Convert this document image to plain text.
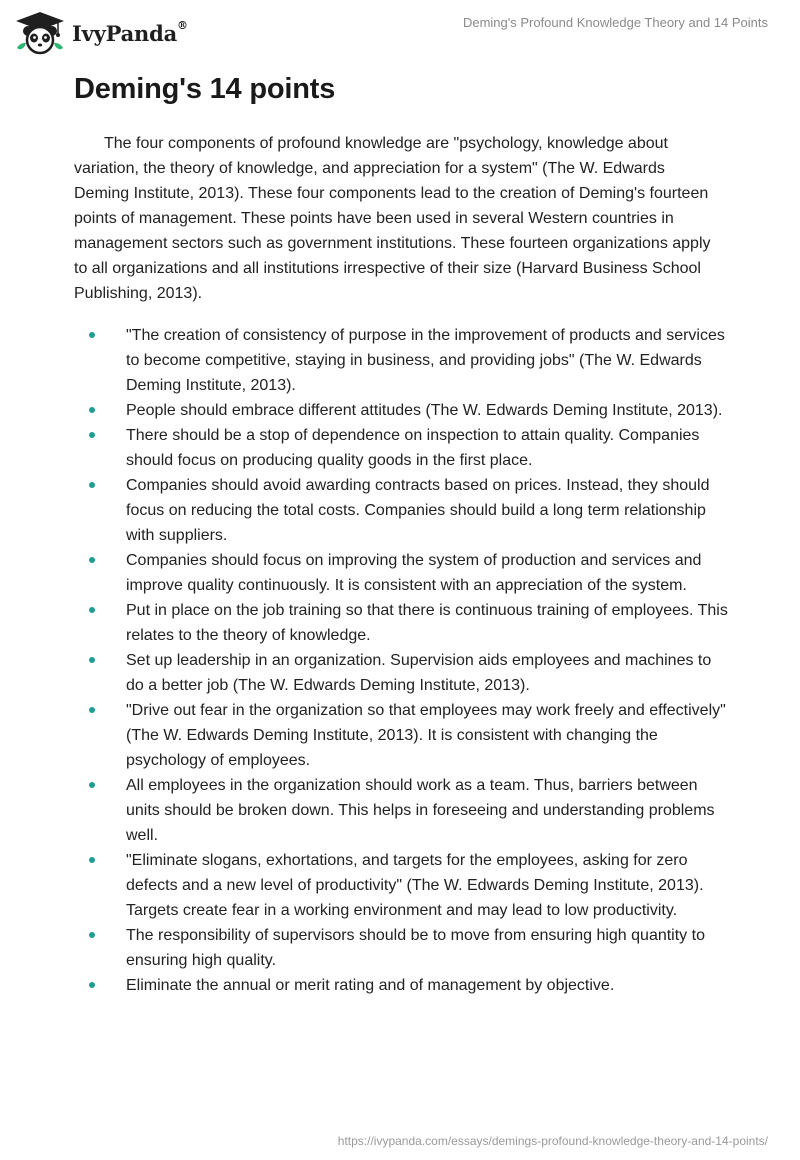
IvyPanda®	Deming's Profound Knowledge Theory and 14 Points
Deming's 14 points

The four components of profound knowledge are "psychology, knowledge about variation, the theory of knowledge, and appreciation for a system" (The W. Edwards Deming Institute, 2013). These four components lead to the creation of Deming's fourteen points of management. These points have been used in several Western countries in management sectors such as government institutions. These fourteen organizations apply to all organizations and all institutions irrespective of their size (Harvard Business School Publishing, 2013).

"The creation of consistency of purpose in the improvement of products and services to become competitive, staying in business, and providing jobs" (The W. Edwards Deming Institute, 2013).
People should embrace different attitudes (The W. Edwards Deming Institute, 2013).
There should be a stop of dependence on inspection to attain quality. Companies should focus on producing quality goods in the first place.
Companies should avoid awarding contracts based on prices. Instead, they should focus on reducing the total costs. Companies should build a long term relationship with suppliers.
Companies should focus on improving the system of production and services and improve quality continuously. It is consistent with an appreciation of the system.
Put in place on the job training so that there is continuous training of employees. This relates to the theory of knowledge.
Set up leadership in an organization. Supervision aids employees and machines to do a better job (The W. Edwards Deming Institute, 2013).
"Drive out fear in the organization so that employees may work freely and effectively" (The W. Edwards Deming Institute, 2013). It is consistent with changing the psychology of employees.
All employees in the organization should work as a team. Thus, barriers between units should be broken down. This helps in foreseeing and understanding problems well.
"Eliminate slogans, exhortations, and targets for the employees, asking for zero defects and a new level of productivity" (The W. Edwards Deming Institute, 2013). Targets create fear in a working environment and may lead to low productivity.
The responsibility of supervisors should be to move from ensuring high quantity to ensuring high quality.
Eliminate the annual or merit rating and of management by objective.
https://ivypanda.com/essays/demings-profound-knowledge-theory-and-14-points/
